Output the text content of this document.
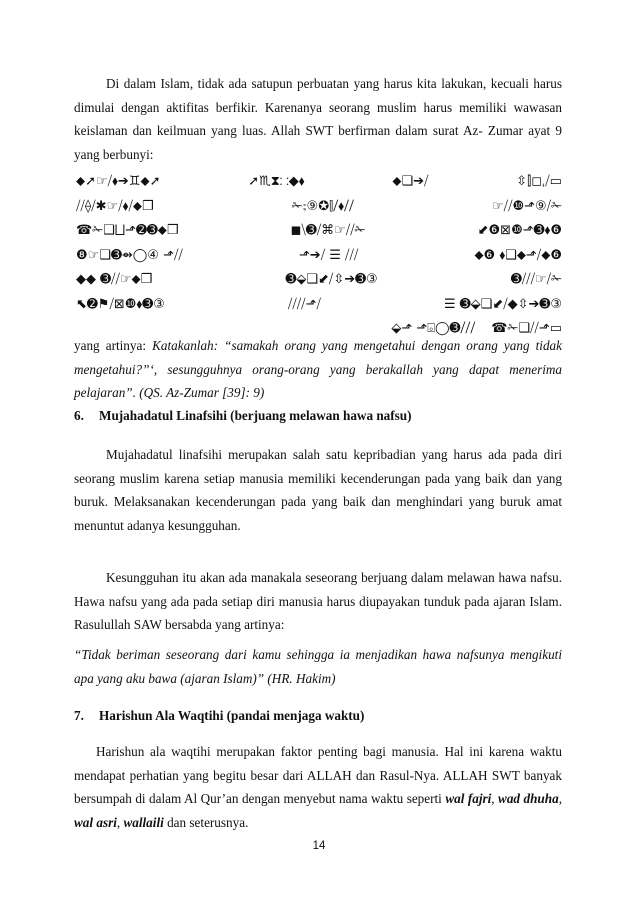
Di dalam Islam, tidak ada satupun perbuatan yang harus kita lakukan, kecuali harus dimulai dengan aktifitas berfikir. Karenanya seorang muslim harus memiliki wawasan keislaman dan keilmuan yang luas. Allah SWT berfirman dalam surat Az- Zumar ayat 9 yang berbunyi:

⬥➚☞⧸⬧➔♊⬥➚	➚♏⧗⸬◆⬧	⬥❑➔⧸	⇳⫿◻⸲⧸▭
⧸⧸⟠⧸✱☞⧸⬧⧸⬥❒	✁⨟⑨✪⫿⧸⬧⧸⧸	☞⧸⧸❿⬏⑨⧸✁
☎✁❑⨆⬏➋➌⬥❒	◼⧹➌⧸⌘☞⧸⧸✁	⬋❻⊠❿⬏➌⬧❻
❽☞❑➌⇴◯④ ⬏⧸⧸	⬏➔⧸ ☰ ⧸⧸⧸	⬥❻ ⬧❑⬥⬏⧸⬥❻
◆◆ ➌⧸⧸☞⬥❒	➌⬙❑⬋⧸⇳➔➌③	➌⧸⧸⧸☞⧸✁
⬉➋⚑⧸⊠❿⬧➌③	⧸⧸⧸⧸⬏⧸	☰ ➌⬙❑⬋⧸◆⇳➔➌③
⬙⬏ ⬏⌻◯➌⧸⧸⧸ ☎✁❑⧸⧸⬏▭

yang artinya: Katakanlah: “samakah orang yang mengetahui dengan orang yang tidak mengetahui?”‘, sesungguhnya orang-orang yang berakallah yang dapat menerima pelajaran”. (QS. Az-Zumar [39]: 9)

6. Mujahadatul Linafsihi (berjuang melawan hawa nafsu)

Mujahadatul linafsihi merupakan salah satu kepribadian yang harus ada pada diri seorang muslim karena setiap manusia memiliki kecenderungan pada yang baik dan yang buruk. Melaksanakan kecenderungan pada yang baik dan menghindari yang buruk amat menuntut adanya kesungguhan.

Kesungguhan itu akan ada manakala seseorang berjuang dalam melawan hawa nafsu. Hawa nafsu yang ada pada setiap diri manusia harus diupayakan tunduk pada ajaran Islam. Rasulullah SAW bersabda yang artinya:

“Tidak beriman seseorang dari kamu sehingga ia menjadikan hawa nafsunya mengikuti apa yang aku bawa (ajaran Islam)” (HR. Hakim)

7. Harishun Ala Waqtihi (pandai menjaga waktu)

Harishun ala waqtihi merupakan faktor penting bagi manusia. Hal ini karena waktu mendapat perhatian yang begitu besar dari ALLAH dan Rasul-Nya. ALLAH SWT banyak bersumpah di dalam Al Qur’an dengan menyebut nama waktu seperti wal fajri, wad dhuha, wal asri, wallaili dan seterusnya.

14
